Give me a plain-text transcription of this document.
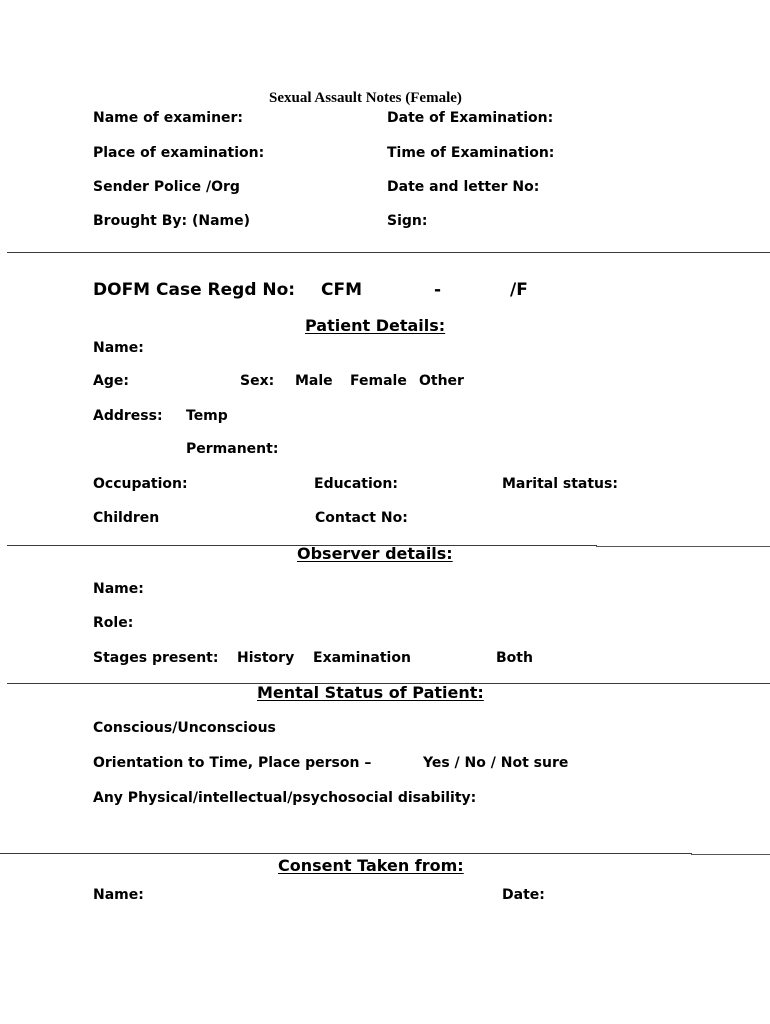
Sexual Assault Notes (Female)
Name of examiner:	Date of Examination:
Place of examination:	Time of Examination:
Sender Police /Org	Date and letter No:
Brought By: (Name)	Sign:
DOFM Case Regd No: CFM	-	/F
Patient Details:
Name:
Age:	Sex: Male Female Other
Address: Temp
Permanent:
Occupation:	Education:	Marital status:
Children	Contact No:
Observer details:
Name:
Role:
Stages present: History Examination	Both
Mental Status of Patient:
Conscious/Unconscious
Orientation to Time, Place person –	Yes / No / Not sure
Any Physical/intellectual/psychosocial disability:
Consent Taken from:
Name:	Date:
